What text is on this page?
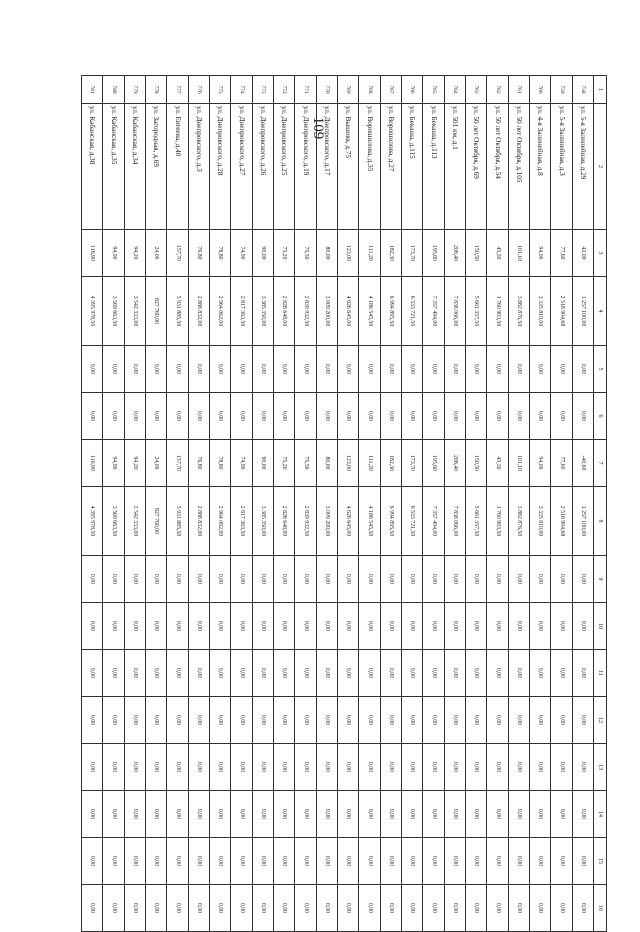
109
1	2	3	4	5	6	7	8	9	10	11	12	13	14	15	16
758	ул. 5-я Залинейная, д.29	42,00	1 257 100,00	0,00	0,00	-40,60	1 257 100,00	0,00	0,00	0,00	0,00	0,00	0,00	0,00	0,00
759	ул. 5-я Залинейная, д.3	77,60	2 518 904,68	0,00	0,00	77,60	2 518 904,68	0,00	0,00	0,00	0,00	0,00	0,00	0,00	0,00
760	ул. 4-я Залинейная, д.8	94,00	3 335 810,00	0,00	0,00	94,00	3 335 810,00	0,00	0,00	0,00	0,00	0,00	0,00	0,00	0,00
761	ул. 50 лет Октября, д.105	101,10	3 882 876,50	0,00	0,00	101,10	3 882 876,50	0,00	0,00	0,00	0,00	0,00	0,00	0,00	0,00
762	ул. 50 лет Октября, д.54	45,30	1 760 903,50	0,00	0,00	45,30	1 760 903,50	0,00	0,00	0,00	0,00	0,00	0,00	0,00	0,00
763	ул. 50 лет Октября, д.69	150,50	5 661 357,50	0,00	0,00	150,50	5 661 357,50	0,00	0,00	0,00	0,00	0,00	0,00	0,00	0,00
764	ул. 501 км, д.1	208,40	7 838 066,00	0,00	0,00	208,40	7 838 066,00	0,00	0,00	0,00	0,00	0,00	0,00	0,00	0,00
765	ул. Бекаша, д.113	195,60	7 357 494,00	0,00	0,00	195,60	7 357 494,00	0,00	0,00	0,00	0,00	0,00	0,00	0,00	0,00
766	ул. Бекаша, д.115	173,70	6 533 721,50	0,00	0,00	173,70	6 533 721,50	0,00	0,00	0,00	0,00	0,00	0,00	0,00	0,00
767	ул. Ворошилова, д.27	182,30	6 994 895,50	0,00	0,00	182,30	6 994 895,50	0,00	0,00	0,00	0,00	0,00	0,00	0,00	0,00
768	ул. Ворошилова, д.35	111,20	4 186 545,50	0,00	0,00	111,20	4 186 545,50	0,00	0,00	0,00	0,00	0,00	0,00	0,00	0,00
769	ул. Вышова, д.75	123,00	4 626 645,00	0,00	0,00	123,00	4 626 645,00	0,00	0,00	0,00	0,00	0,00	0,00	0,00	0,00
770	ул. Днепровского, д.17	80,00	3 009 200,00	0,00	0,00	80,00	3 009 200,00	0,00	0,00	0,00	0,00	0,00	0,00	0,00	0,00
771	ул. Днепровского, д.19	75,50	2 839 932,50	0,00	0,00	75,50	2 839 932,50	0,00	0,00	0,00	0,00	0,00	0,00	0,00	0,00
772	ул. Днепровского, д.25	75,20	2 828 648,00	0,00	0,00	75,20	2 828 648,00	0,00	0,00	0,00	0,00	0,00	0,00	0,00	0,00
773	ул. Днепровского, д.26	90,00	3 385 350,00	0,00	0,00	90,00	3 385 350,00	0,00	0,00	0,00	0,00	0,00	0,00	0,00	0,00
774	ул. Днепровского, д.27	74,90	2 817 363,50	0,00	0,00	74,90	2 817 363,50	0,00	0,00	0,00	0,00	0,00	0,00	0,00	0,00
775	ул. Днепровского, д.28	78,80	2 964 062,00	0,00	0,00	78,80	2 964 062,00	0,00	0,00	0,00	0,00	0,00	0,00	0,00	0,00
776	ул. Днепровского, д.3	76,80	2 888 832,00	0,00	0,00	76,80	2 888 832,00	0,00	0,00	0,00	0,00	0,00	0,00	0,00	0,00
777	ул. Евтеева, д.40	157,70	5 931 885,50	0,00	0,00	157,70	5 931 885,50	0,00	0,00	0,00	0,00	0,00	0,00	0,00	0,00
778	ул. Загородная, д.69	24,00	827 760,00	0,00	0,00	24,00	827 760,00	0,00	0,00	0,00	0,00	0,00	0,00	0,00	0,00
779	ул. Кабанская, д.34	94,20	3 542 333,00	0,00	0,00	94,20	3 542 333,00	0,00	0,00	0,00	0,00	0,00	0,00	0,00	0,00
780	ул. Кабанская, д.35	94,90	3 569 663,50	0,00	0,00	94,90	3 569 663,50	0,00	0,00	0,00	0,00	0,00	0,00	0,00	0,00
781	ул. Кабанская, д.38	116,90	4 395 978,50	0,00	0,00	116,90	4 395 978,50	0,00	0,00	0,00	0,00	0,00	0,00	0,00	0,00
